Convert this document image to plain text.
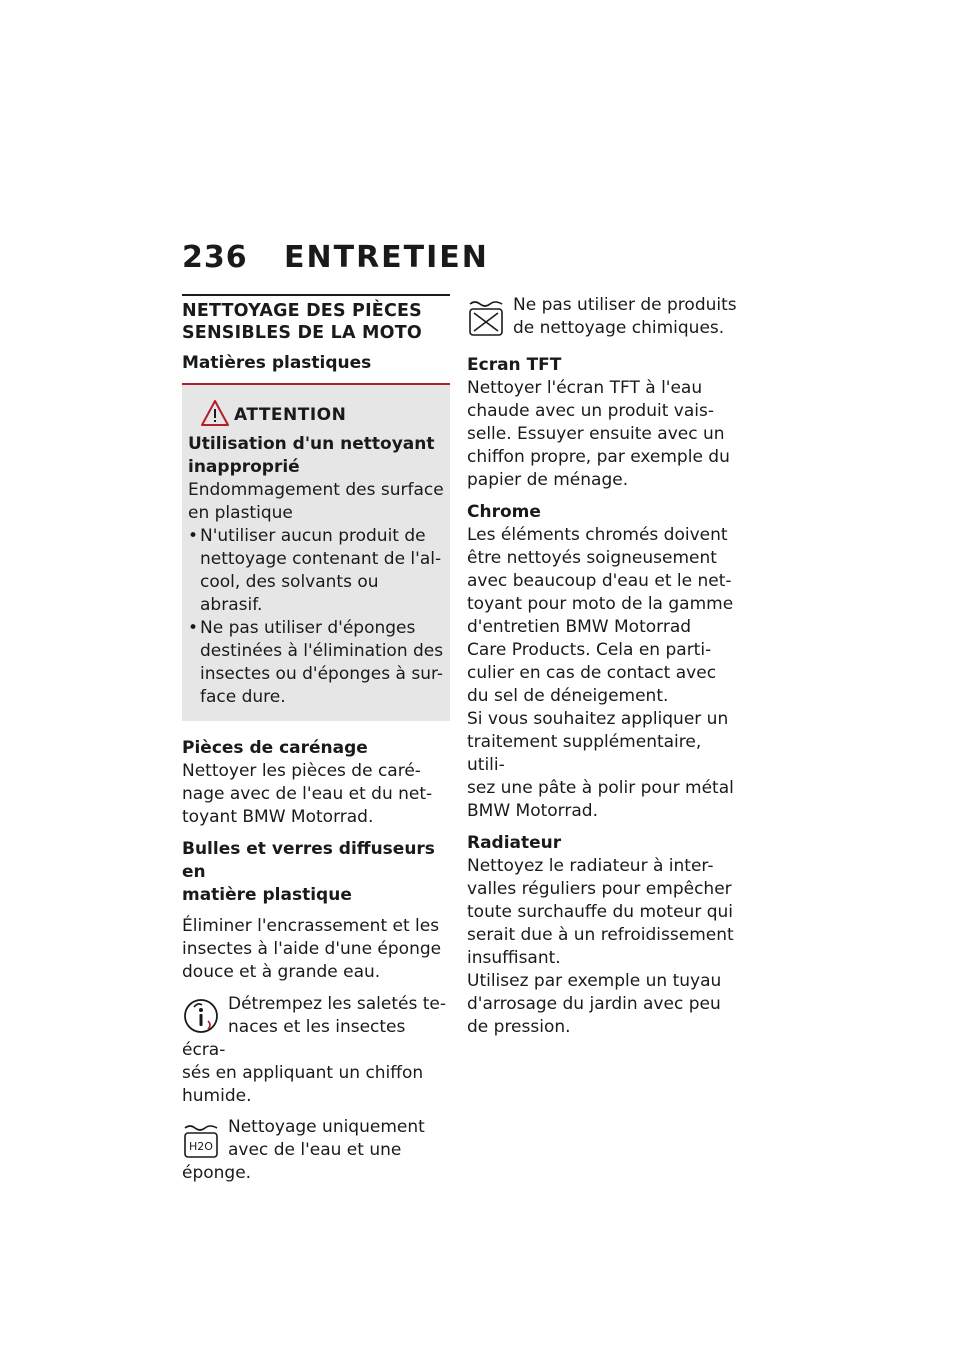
236 ENTRETIEN
NETTOYAGE DES PIÈCES
SENSIBLES DE LA MOTO
Matières plastiques
ATTENTION
Utilisation d'un nettoyant
inapproprié

Endommagement des surface

en plastique

• N'utiliser aucun produit de
nettoyage contenant de l'al-
cool, des solvants ou abrasif.
• Ne pas utiliser d'éponges
destinées à l'élimination des
insectes ou d'éponges à sur-
face dure.
Pièces de carénage

Nettoyer les pièces de caré-

nage avec de l'eau et du net-

toyant BMW Motorrad.

Bulles et verres diffuseurs en
matière plastique

Éliminer l'encrassement et les

insectes à l'aide d'une éponge

douce et à grande eau.

Détrempez les saletés te-

naces et les insectes écra-

sés en appliquant un chiffon

humide.

H2O

Nettoyage uniquement

avec de l'eau et une

éponge.

Ne pas utiliser de produits

de nettoyage chimiques.

Ecran TFT

Nettoyer l'écran TFT à l'eau

chaude avec un produit vais-

selle. Essuyer ensuite avec un

chiffon propre, par exemple du

papier de ménage.

Chrome

Les éléments chromés doivent

être nettoyés soigneusement

avec beaucoup d'eau et le net-

toyant pour moto de la gamme

d'entretien BMW Motorrad

Care Products. Cela en parti-

culier en cas de contact avec

du sel de déneigement.

Si vous souhaitez appliquer un

traitement supplémentaire, utili-

sez une pâte à polir pour métal

BMW Motorrad.

Radiateur

Nettoyez le radiateur à inter-

valles réguliers pour empêcher

toute surchauffe du moteur qui

serait due à un refroidissement

insuffisant.

Utilisez par exemple un tuyau

d'arrosage du jardin avec peu

de pression.
